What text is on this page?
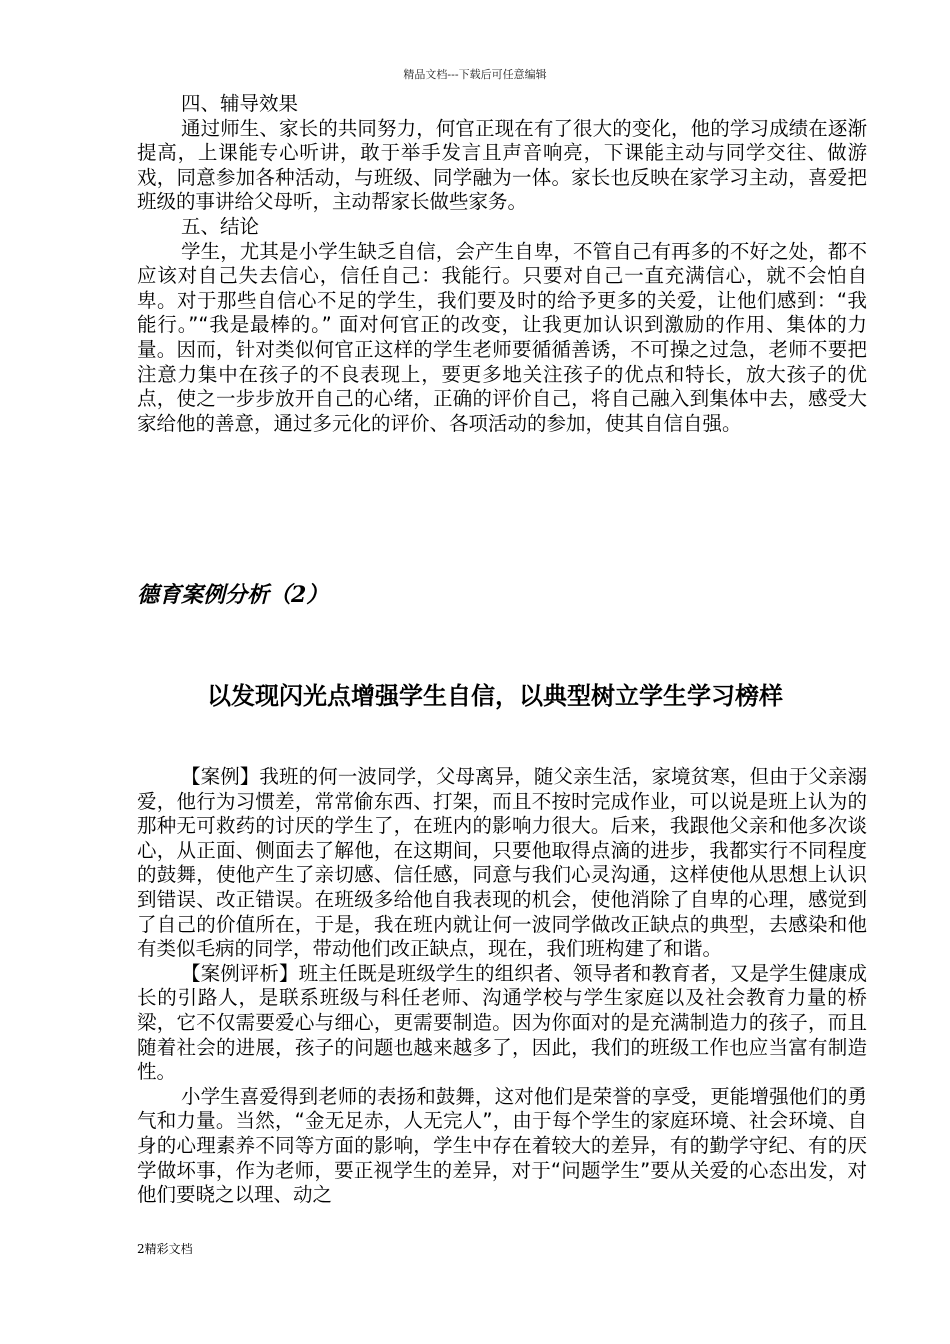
精品文档---下载后可任意编辑

四、辅导效果

通过师生、家长的共同努力，何官正现在有了很大的变化，他的学习成绩在逐渐提高，上课能专心听讲，敢于举手发言且声音响亮，下课能主动与同学交往、做游戏，同意参加各种活动，与班级、同学融为一体。家长也反映在家学习主动，喜爱把班级的事讲给父母听，主动帮家长做些家务。

五、结论

学生，尤其是小学生缺乏自信，会产生自卑，不管自己有再多的不好之处，都不应该对自己失去信心，信任自己：我能行。只要对自己一直充满信心，就不会怕自卑。对于那些自信心不足的学生，我们要及时的给予更多的关爱，让他们感到：“我能行。”“我是最棒的。” 面对何官正的改变，让我更加认识到激励的作用、集体的力量。因而，针对类似何官正这样的学生老师要循循善诱，不可操之过急，老师不要把注意力集中在孩子的不良表现上，要更多地关注孩子的优点和特长，放大孩子的优点，使之一步步放开自己的心绪，正确的评价自己，将自己融入到集体中去，感受大家给他的善意，通过多元化的评价、各项活动的参加，使其自信自强。

德育案例分析（2）
以发现闪光点增强学生自信，以典型树立学生学习榜样

【案例】我班的何一波同学，父母离异，随父亲生活，家境贫寒，但由于父亲溺爱，他行为习惯差，常常偷东西、打架，而且不按时完成作业，可以说是班上认为的那种无可救药的讨厌的学生了，在班内的影响力很大。后来，我跟他父亲和他多次谈心，从正面、侧面去了解他，在这期间，只要他取得点滴的进步，我都实行不同程度的鼓舞，使他产生了亲切感、信任感，同意与我们心灵沟通，这样使他从思想上认识到错误、改正错误。在班级多给他自我表现的机会，使他消除了自卑的心理，感觉到了自己的价值所在，于是，我在班内就让何一波同学做改正缺点的典型，去感染和他有类似毛病的同学，带动他们改正缺点，现在，我们班构建了和谐。

【案例评析】班主任既是班级学生的组织者、领导者和教育者，又是学生健康成长的引路人，是联系班级与科任老师、沟通学校与学生家庭以及社会教育力量的桥梁，它不仅需要爱心与细心，更需要制造。因为你面对的是充满制造力的孩子，而且随着社会的进展，孩子的问题也越来越多了，因此，我们的班级工作也应当富有制造性。

小学生喜爱得到老师的表扬和鼓舞，这对他们是荣誉的享受，更能增强他们的勇气和力量。当然，“金无足赤，人无完人”，由于每个学生的家庭环境、社会环境、自身的心理素养不同等方面的影响，学生中存在着较大的差异，有的勤学守纪、有的厌学做坏事，作为老师，要正视学生的差异，对于“问题学生”要从关爱的心态出发，对他们要晓之以理、动之

2精彩文档
